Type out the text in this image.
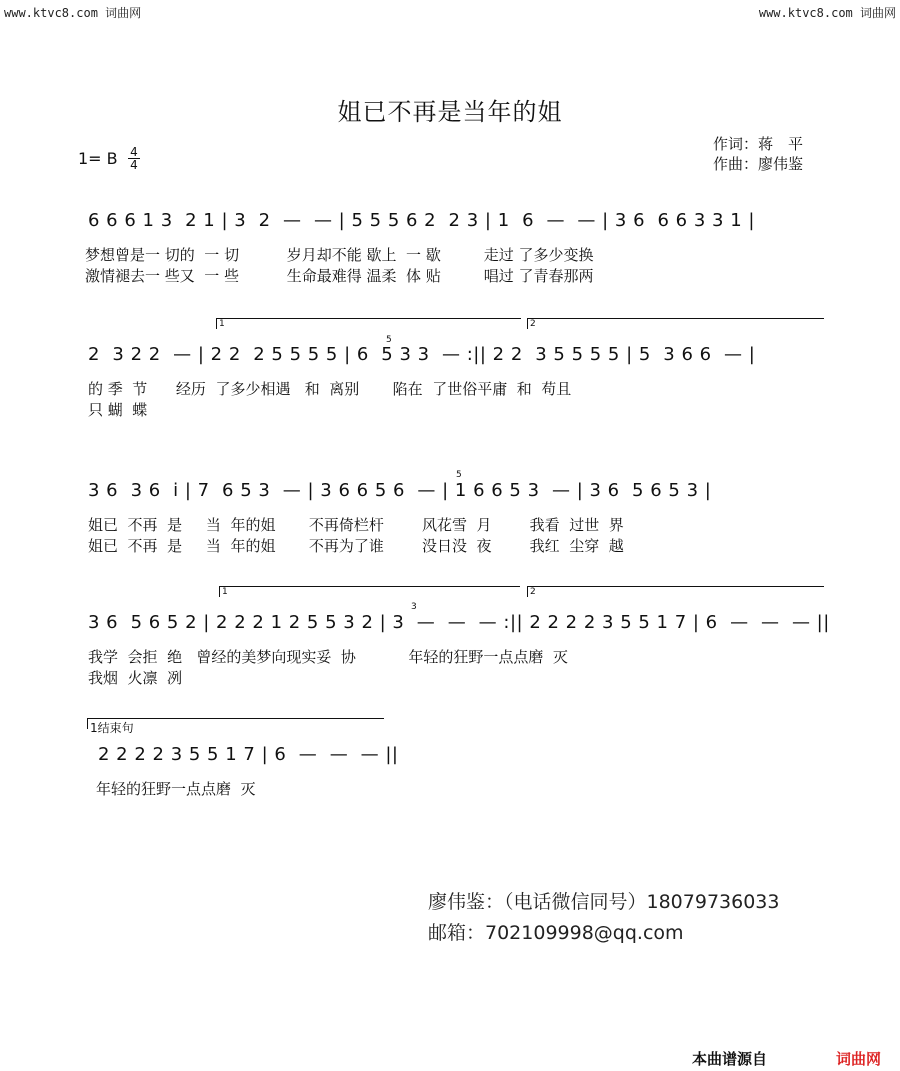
www.ktvc8.com 词曲网	www.ktvc8.com 词曲网
姐已不再是当年的姐
作词：蒋　平
作曲：廖伟鉴
1= B 4
4
6 6 6 1 3  2 1 | 3  2  —  — | 5 5 5 6 2  2 3 | 1  6  —  — | 3 6  6 6 3 3 1 |
梦想曾是一 切的  一 切          岁月却不能 歇上  一 歇         走过 了多少变换
激情褪去一 些又  一 些          生命最难得 温柔  体 贴         唱过 了青春那两
1	2
5
2  3 2 2  — | 2 2  2 5 5 5 5 | 6  5 3 3  — :|| 2 2  3 5 5 5 5 | 5  3 6 6  — |
的 季  节      经历  了多少相遇   和  离别       陷在  了世俗平庸  和  苟且
只 蝴  蝶
5
3 6  3 6  i | 7  6 5 3  — | 3 6 6 5 6  — | 1 6 6 5 3  — | 3 6  5 6 5 3 |
姐已  不再  是     当  年的姐       不再倚栏杆        风花雪  月        我看  过世  界
姐已  不再  是     当  年的姐       不再为了谁        没日没  夜        我红  尘穿  越
1	2
3
3 6  5 6 5 2 | 2 2 2 1 2 5 5 3 2 | 3  —  —  — :|| 2 2 2 2 3 5 5 1 7 | 6  —  —  — ||
我学  会拒  绝   曾经的美梦向现实妥  协           年轻的狂野一点点磨  灭
我烟  火凛  冽
1结束句
2 2 2 2 3 5 5 1 7 | 6  —  —  — ||
年轻的狂野一点点磨  灭
廖伟鉴：（电话微信同号）18079736033
邮箱：702109998@qq.com
本曲谱源自	词曲网
